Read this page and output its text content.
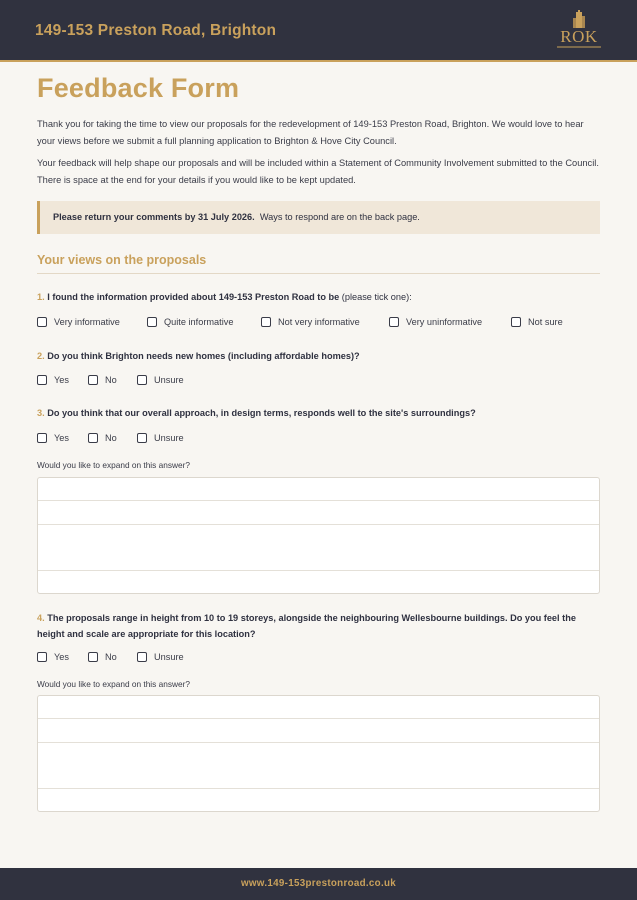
149-153 Preston Road, Brighton	ROK
Feedback Form

Thank you for taking the time to view our proposals for the redevelopment of 149-153 Preston Road, Brighton. We would love to hear your views before we submit a full planning application to Brighton & Hove City Council.

Your feedback will help shape our proposals and will be included within a Statement of Community Involvement submitted to the Council. There is space at the end for your details if you would like to be kept updated.

Please return your comments by 31 July 2026. Ways to respond are on the back page.
Your views on the proposals
1. I found the information provided about 149-153 Preston Road to be (please tick one):
Very informative	Quite informative	Not very informative	Very uninformative	Not sure
2. Do you think Brighton needs new homes (including affordable homes)?
Yes	No	Unsure
3. Do you think that our overall approach, in design terms, responds well to the site's surroundings?
Yes	No	Unsure
Would you like to expand on this answer?
4. The proposals range in height from 10 to 19 storeys, alongside the neighbouring Wellesbourne buildings. Do you feel the height and scale are appropriate for this location?
Yes	No	Unsure
Would you like to expand on this answer?
www.149-153prestonroad.co.uk
